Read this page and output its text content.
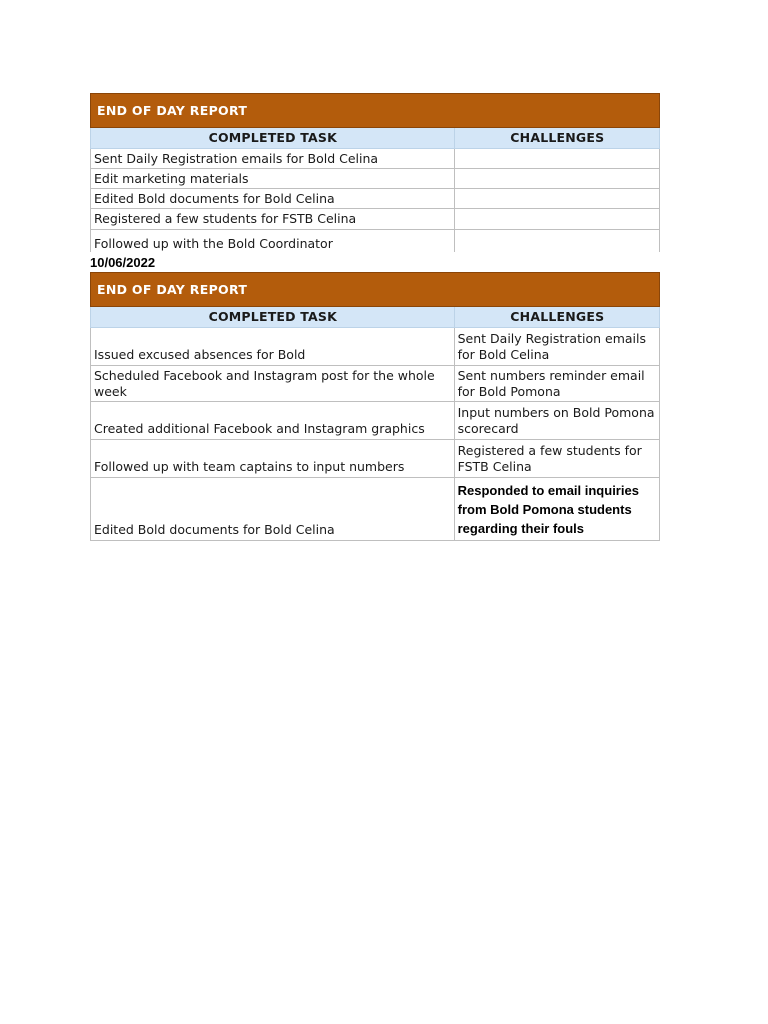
END OF DAY REPORT	
COMPLETED TASK	CHALLENGES
Sent Daily Registration emails for Bold Celina	
Edit marketing materials	
Edited Bold documents for Bold Celina	
Registered a few students for FSTB Celina	
Followed up with the Bold Coordinator	
10/06/2022
END OF DAY REPORT	
COMPLETED TASK	CHALLENGES
Issued excused absences for Bold	Sent Daily Registration emails for Bold Celina
Scheduled Facebook and Instagram post for the whole week	Sent numbers reminder email for Bold Pomona
Created additional Facebook and Instagram graphics	Input numbers on Bold Pomona scorecard
Followed up with team captains to input numbers	Registered a few students for FSTB Celina
Edited Bold documents for Bold Celina	Responded to email inquiries from Bold Pomona students regarding their fouls
